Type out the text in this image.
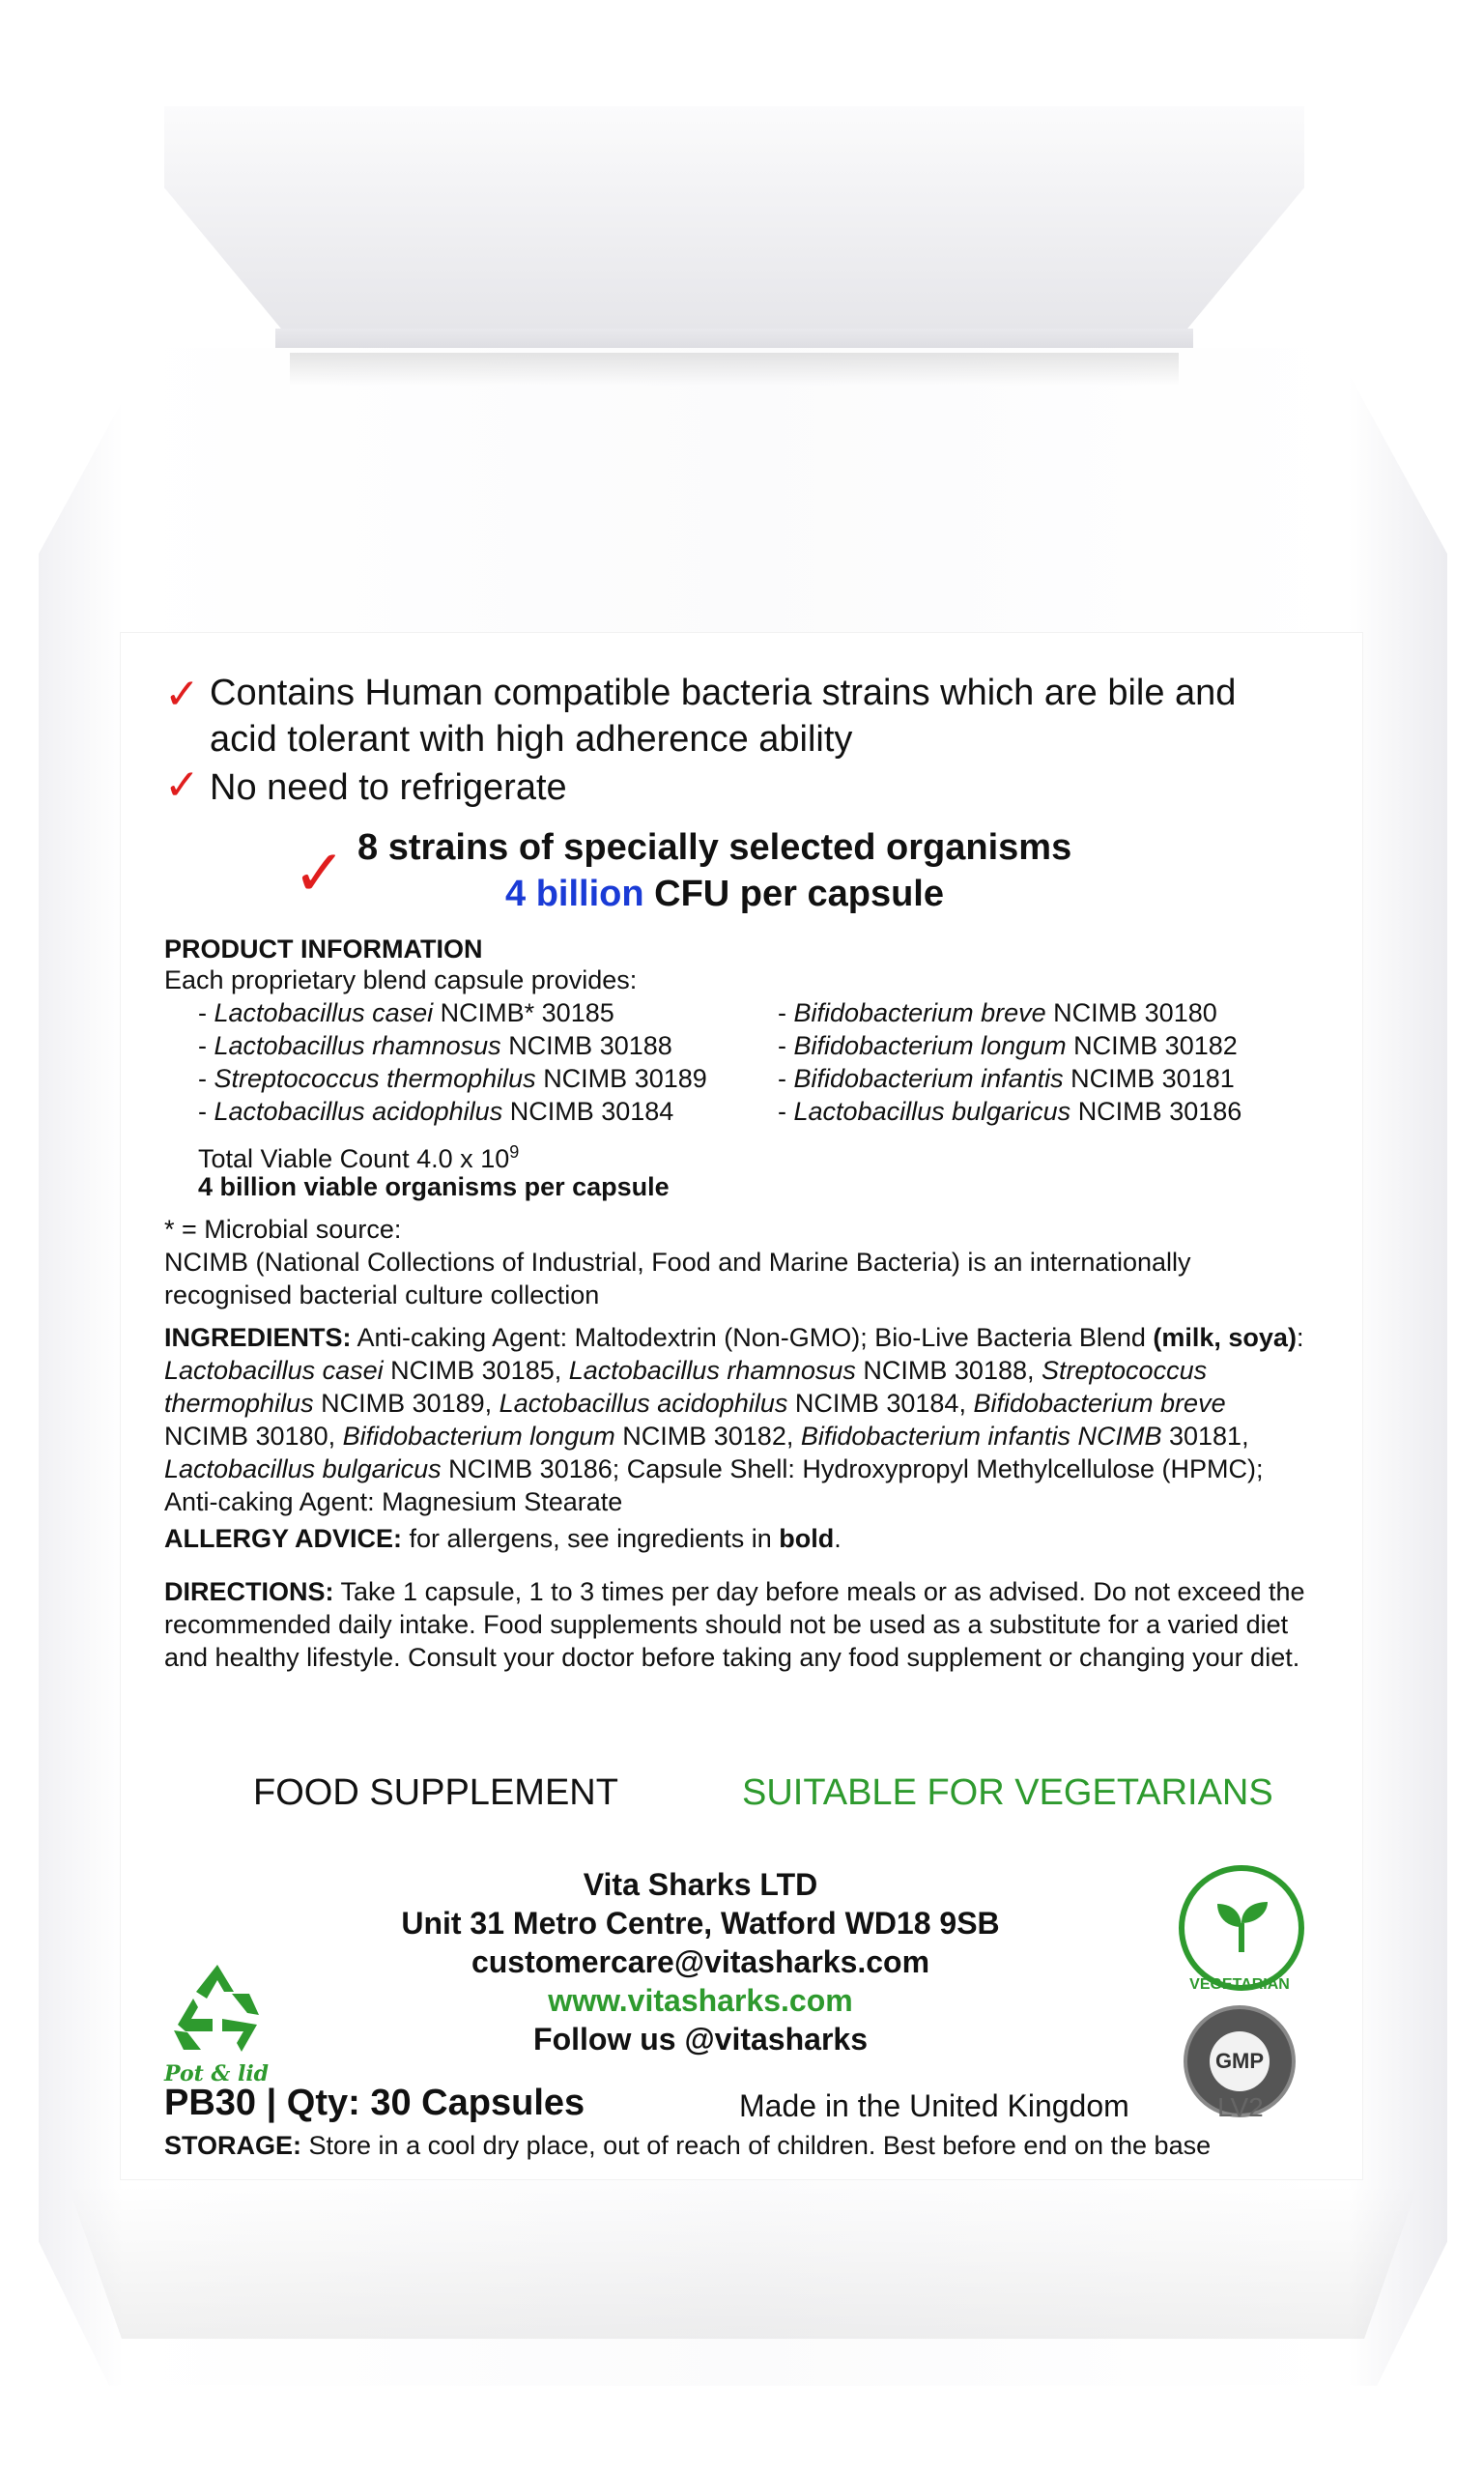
✓ Contains Human compatible bacteria strains which are bile and
acid tolerant with high adherence ability
✓ No need to refrigerate
✓ 8 strains of specially selected organisms
4 billion CFU per capsule
PRODUCT INFORMATION
Each proprietary blend capsule provides:
- Lactobacillus casei NCIMB* 30185
- Lactobacillus rhamnosus NCIMB 30188
- Streptococcus thermophilus NCIMB 30189
- Lactobacillus acidophilus NCIMB 30184
- Bifidobacterium breve NCIMB 30180
- Bifidobacterium longum NCIMB 30182
- Bifidobacterium infantis NCIMB 30181
- Lactobacillus bulgaricus NCIMB 30186
Total Viable Count 4.0 x $10^9$
4 billion viable organisms per capsule
* = Microbial source:
NCIMB (National Collections of Industrial, Food and Marine Bacteria) is an internationally recognised bacterial culture collection
INGREDIENTS: Anti-caking Agent: Maltodextrin (Non-GMO); Bio-Live Bacteria Blend (milk, soya): Lactobacillus casei NCIMB 30185, Lactobacillus rhamnosus NCIMB 30188, Streptococcus thermophilus NCIMB 30189, Lactobacillus acidophilus NCIMB 30184, Bifidobacterium breve NCIMB 30180, Bifidobacterium longum NCIMB 30182, Bifidobacterium infantis NCIMB 30181, Lactobacillus bulgaricus NCIMB 30186; Capsule Shell: Hydroxypropyl Methylcellulose (HPMC); Anti-caking Agent: Magnesium Stearate
ALLERGY ADVICE: for allergens, see ingredients in bold.
DIRECTIONS: Take 1 capsule, 1 to 3 times per day before meals or as advised. Do not exceed the recommended daily intake. Food supplements should not be used as a substitute for a varied diet and healthy lifestyle. Consult your doctor before taking any food supplement or changing your diet.
FOOD SUPPLEMENT	SUITABLE FOR VEGETARIANS
Vita Sharks LTD
Unit 31 Metro Centre, Watford WD18 9SB
customercare@vitasharks.com
www.vitasharks.com
Follow us @vitasharks
Pot & lid
VEGETARIAN
GMP
PB30 | Qty: 30 Capsules	Made in the United Kingdom	LV2
STORAGE: Store in a cool dry place, out of reach of children. Best before end on the base
